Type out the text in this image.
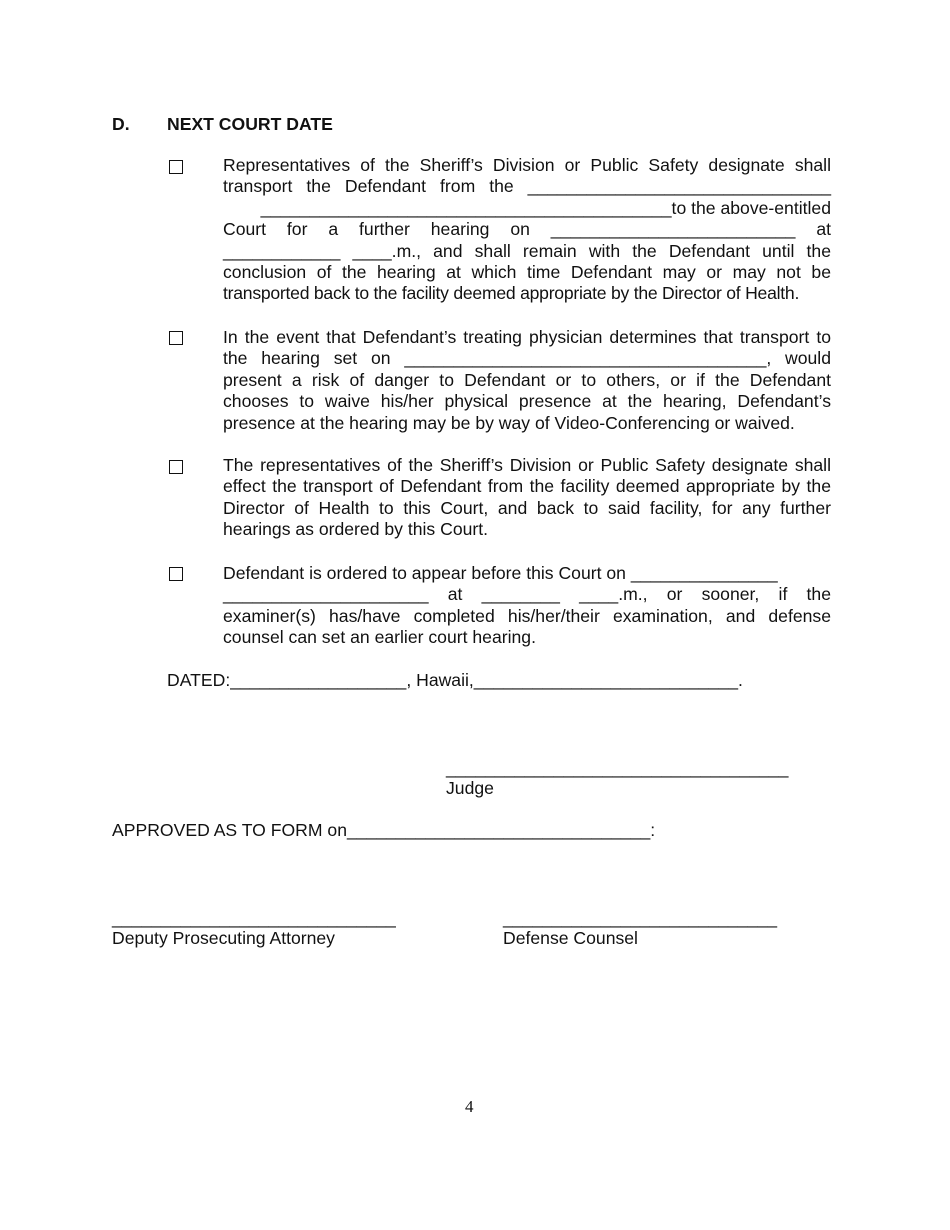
D. NEXT COURT DATE
Representatives of the Sheriff’s Division or Public Safety designate shall
transport the Defendant from the _______________________________
__________________________________________to the above-entitled
Court for a further hearing on _________________________ at
____________ ____.m., and shall remain with the Defendant until the
conclusion of the hearing at which time Defendant may or may not be
transported back to the facility deemed appropriate by the Director of Health.
In the event that Defendant’s treating physician determines that transport to
the hearing set on _____________________________________, would
present a risk of danger to Defendant or to others, or if the Defendant
chooses to waive his/her physical presence at the hearing, Defendant’s
presence at the hearing may be by way of Video-Conferencing or waived.
The representatives of the Sheriff’s Division or Public Safety designate shall
effect the transport of Defendant from the facility deemed appropriate by the
Director of Health to this Court, and back to said facility, for any further
hearings as ordered by this Court.
Defendant is ordered to appear before this Court on _______________
_____________________ at ________ ____.m., or sooner, if the
examiner(s) has/have completed his/her/their examination, and defense
counsel can set an earlier court hearing.
DATED:__________________, Hawaii,___________________________.
___________________________________
Judge
APPROVED AS TO FORM on_______________________________:
_____________________________
Deputy Prosecuting Attorney
____________________________
Defense Counsel
4
